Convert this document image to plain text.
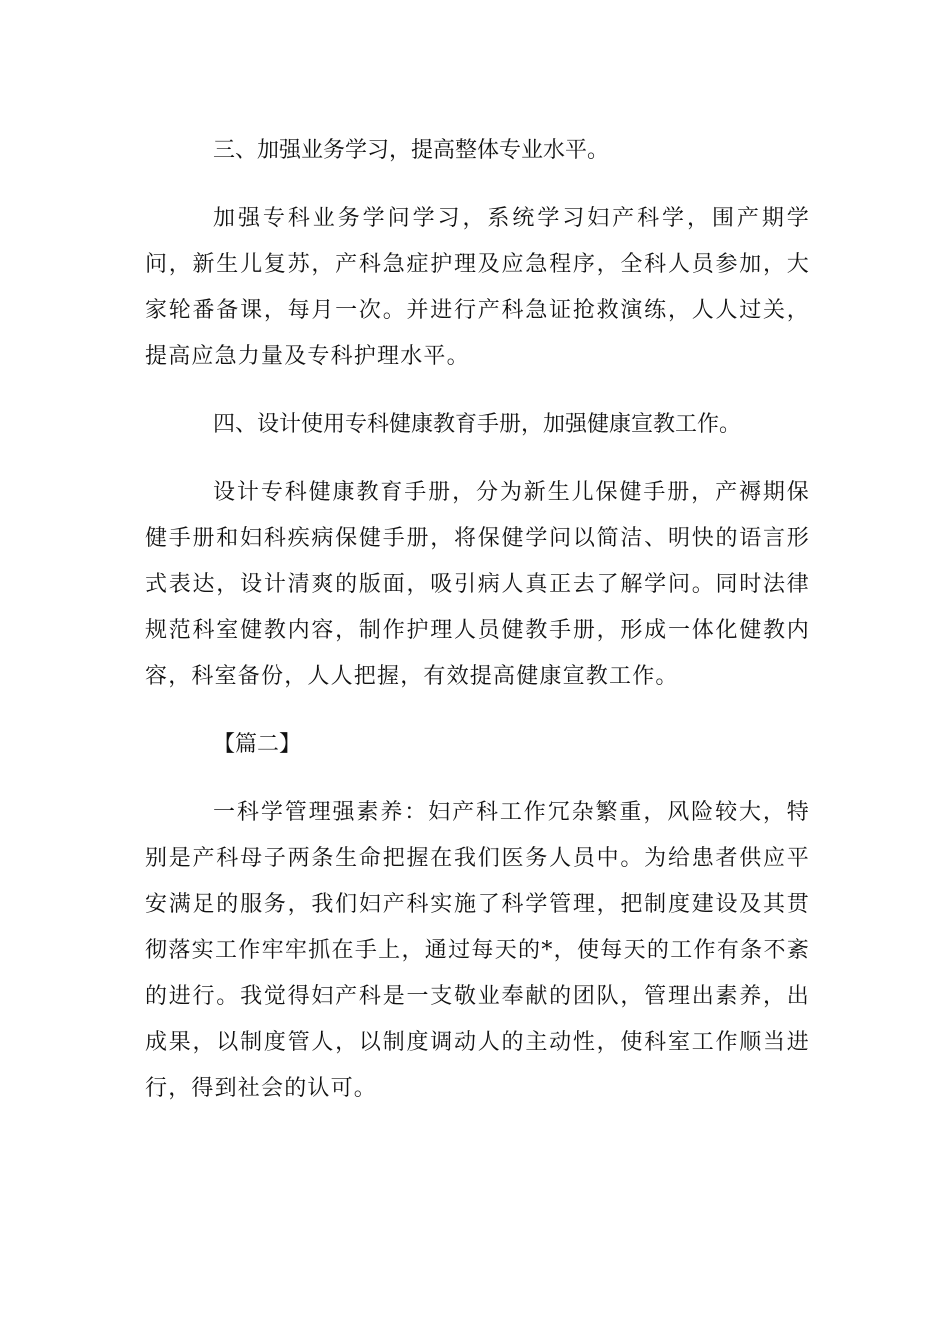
三、加强业务学习，提高整体专业水平。

加强专科业务学问学习，系统学习妇产科学，围产期学问，新生儿复苏，产科急症护理及应急程序，全科人员参加，大家轮番备课，每月一次。并进行产科急证抢救演练，人人过关，提高应急力量及专科护理水平。

四、设计使用专科健康教育手册，加强健康宣教工作。

设计专科健康教育手册，分为新生儿保健手册，产褥期保健手册和妇科疾病保健手册，将保健学问以简洁、明快的语言形式表达，设计清爽的版面，吸引病人真正去了解学问。同时法律规范科室健教内容，制作护理人员健教手册，形成一体化健教内容，科室备份，人人把握，有效提高健康宣教工作。

【篇二】

一科学管理强素养：妇产科工作冗杂繁重，风险较大，特别是产科母子两条生命把握在我们医务人员中。为给患者供应平安满足的服务，我们妇产科实施了科学管理，把制度建设及其贯彻落实工作牢牢抓在手上，通过每天的*，使每天的工作有条不紊的进行。我觉得妇产科是一支敬业奉献的团队，管理出素养，出成果，以制度管人，以制度调动人的主动性，使科室工作顺当进行，得到社会的认可。
